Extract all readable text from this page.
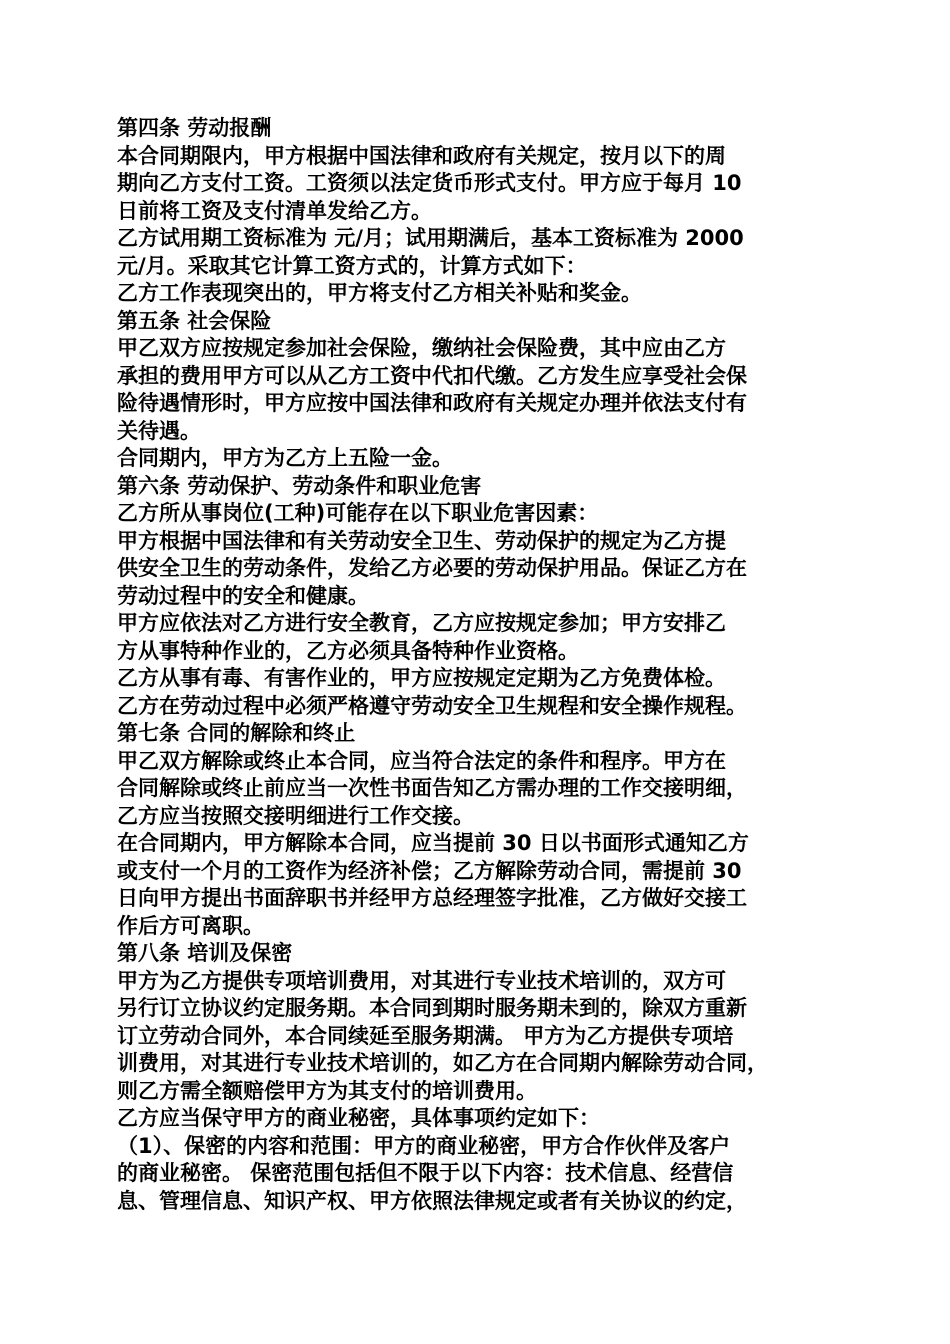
第四条 劳动报酬
本合同期限内，甲方根据中国法律和政府有关规定，按月以下的周
期向乙方支付工资。工资须以法定货币形式支付。甲方应于每月 10
日前将工资及支付清单发给乙方。
乙方试用期工资标准为 元/月；试用期满后，基本工资标准为 2000
元/月。采取其它计算工资方式的，计算方式如下：
乙方工作表现突出的，甲方将支付乙方相关补贴和奖金。
第五条 社会保险
甲乙双方应按规定参加社会保险，缴纳社会保险费，其中应由乙方
承担的费用甲方可以从乙方工资中代扣代缴。乙方发生应享受社会保
险待遇情形时，甲方应按中国法律和政府有关规定办理并依法支付有
关待遇。
合同期内，甲方为乙方上五险一金。
第六条 劳动保护、劳动条件和职业危害
乙方所从事岗位(工种)可能存在以下职业危害因素：
甲方根据中国法律和有关劳动安全卫生、劳动保护的规定为乙方提
供安全卫生的劳动条件，发给乙方必要的劳动保护用品。保证乙方在
劳动过程中的安全和健康。
甲方应依法对乙方进行安全教育，乙方应按规定参加；甲方安排乙
方从事特种作业的，乙方必须具备特种作业资格。
乙方从事有毒、有害作业的，甲方应按规定定期为乙方免费体检。
乙方在劳动过程中必须严格遵守劳动安全卫生规程和安全操作规程。
第七条 合同的解除和终止
甲乙双方解除或终止本合同，应当符合法定的条件和程序。甲方在
合同解除或终止前应当一次性书面告知乙方需办理的工作交接明细，
乙方应当按照交接明细进行工作交接。
在合同期内，甲方解除本合同，应当提前 30 日以书面形式通知乙方
或支付一个月的工资作为经济补偿；乙方解除劳动合同，需提前 30
日向甲方提出书面辞职书并经甲方总经理签字批准，乙方做好交接工
作后方可离职。
第八条 培训及保密
甲方为乙方提供专项培训费用，对其进行专业技术培训的，双方可
另行订立协议约定服务期。本合同到期时服务期未到的，除双方重新
订立劳动合同外，本合同续延至服务期满。 甲方为乙方提供专项培
训费用，对其进行专业技术培训的，如乙方在合同期内解除劳动合同，
则乙方需全额赔偿甲方为其支付的培训费用。
乙方应当保守甲方的商业秘密，具体事项约定如下：
（1）、保密的内容和范围：甲方的商业秘密，甲方合作伙伴及客户
的商业秘密。 保密范围包括但不限于以下内容：技术信息、经营信
息、管理信息、知识产权、甲方依照法律规定或者有关协议的约定，
